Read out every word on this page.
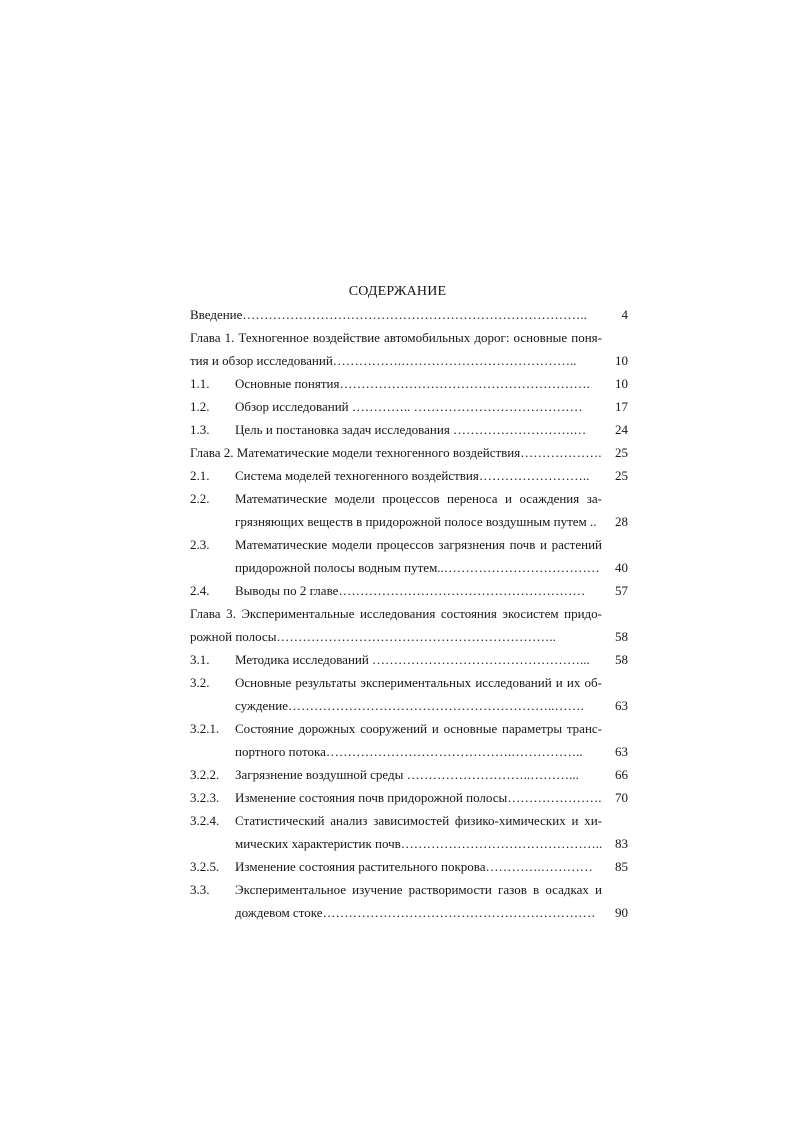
СОДЕРЖАНИЕ
Введение……………………………………………………………………..	4
Глава 1. Техногенное воздействие автомобильных дорог: основные поня-
тия и обзор исследований…………….…………………………………..	10
1.1. Основные понятия………………………………………………….	10
1.2. Обзор исследований ………….. …………………………………	17
1.3. Цель и постановка задач исследования ……………………….…	24
Глава 2. Математические модели техногенного воздействия……………….	25
2.1. Система моделей техногенного воздействия……………………..	25
2.2. Математические модели процессов переноса и осаждения за-
грязняющих веществ в придорожной полосе воздушным путем ..	28
2.3. Математические модели процессов загрязнения почв и растений
придорожной полосы водным путем..………………………………	40
2.4. Выводы по 2 главе…………………………………………………	57
Глава 3. Экспериментальные исследования состояния экосистем придо-
рожной полосы………………………………………………………..	58
3.1. Методика исследований …………………………………………...	58
3.2. Основные результаты экспериментальных исследований и их об-
суждение……………………………………………………..…….	63
3.2.1. Состояние дорожных сооружений и основные параметры транс-
портного потока…………………………………….……………..	63
3.2.2. Загрязнение воздушной среды ………………………..………...	66
3.2.3. Изменение состояния почв придорожной полосы………………….	70
3.2.4. Статистический анализ зависимостей физико-химических и хи-
мических характеристик почв……………………………………….. 83
3.2.5. Изменение состояния растительного покрова………….…………	85
3.3. Экспериментальное изучение растворимости газов в осадках и
дождевом стоке………………………………………………………	90
